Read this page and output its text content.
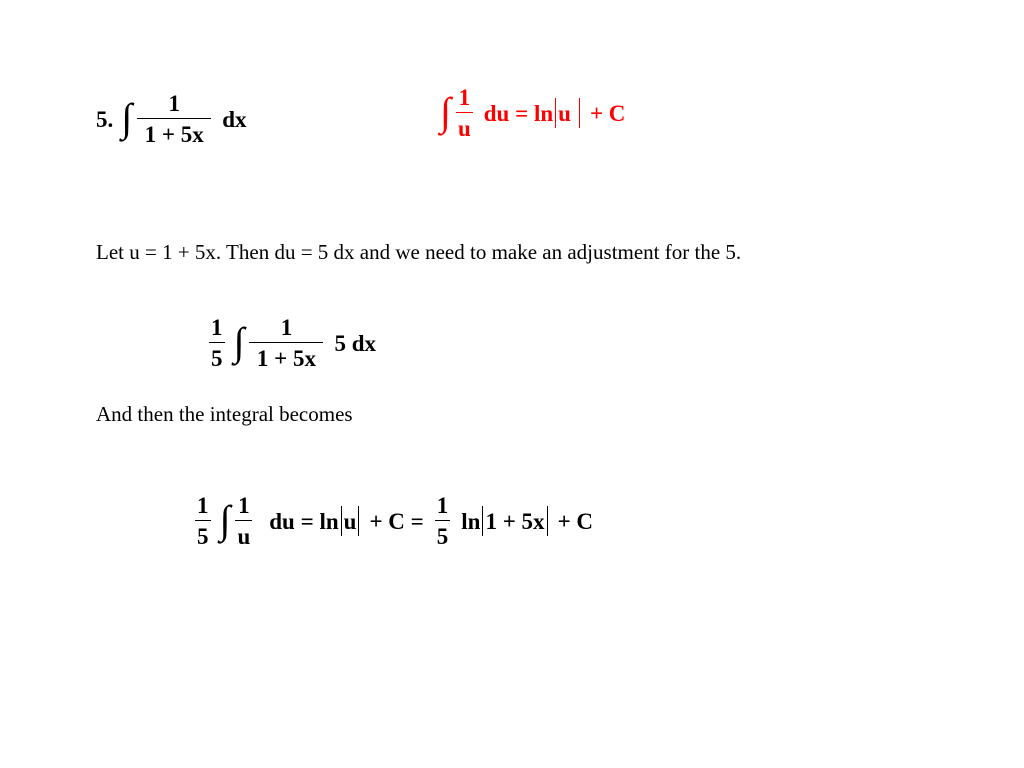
5. ∫ $\frac{1}{1 + 5x}$ dx	∫ $\frac{1}{u}$ du = ln u + C
Let u = 1 + 5x. Then du = 5 dx and we need to make an adjustment for the 5.
$\frac{1}{5}$ ∫ $\frac{1}{1 + 5x} 5$ dx
And then the integral becomes
$\frac{1}{5}$ ∫ $\frac{1}{u}$ du = $\ln u + C = \frac{1}{5}$ ln 1 + 5x + C
